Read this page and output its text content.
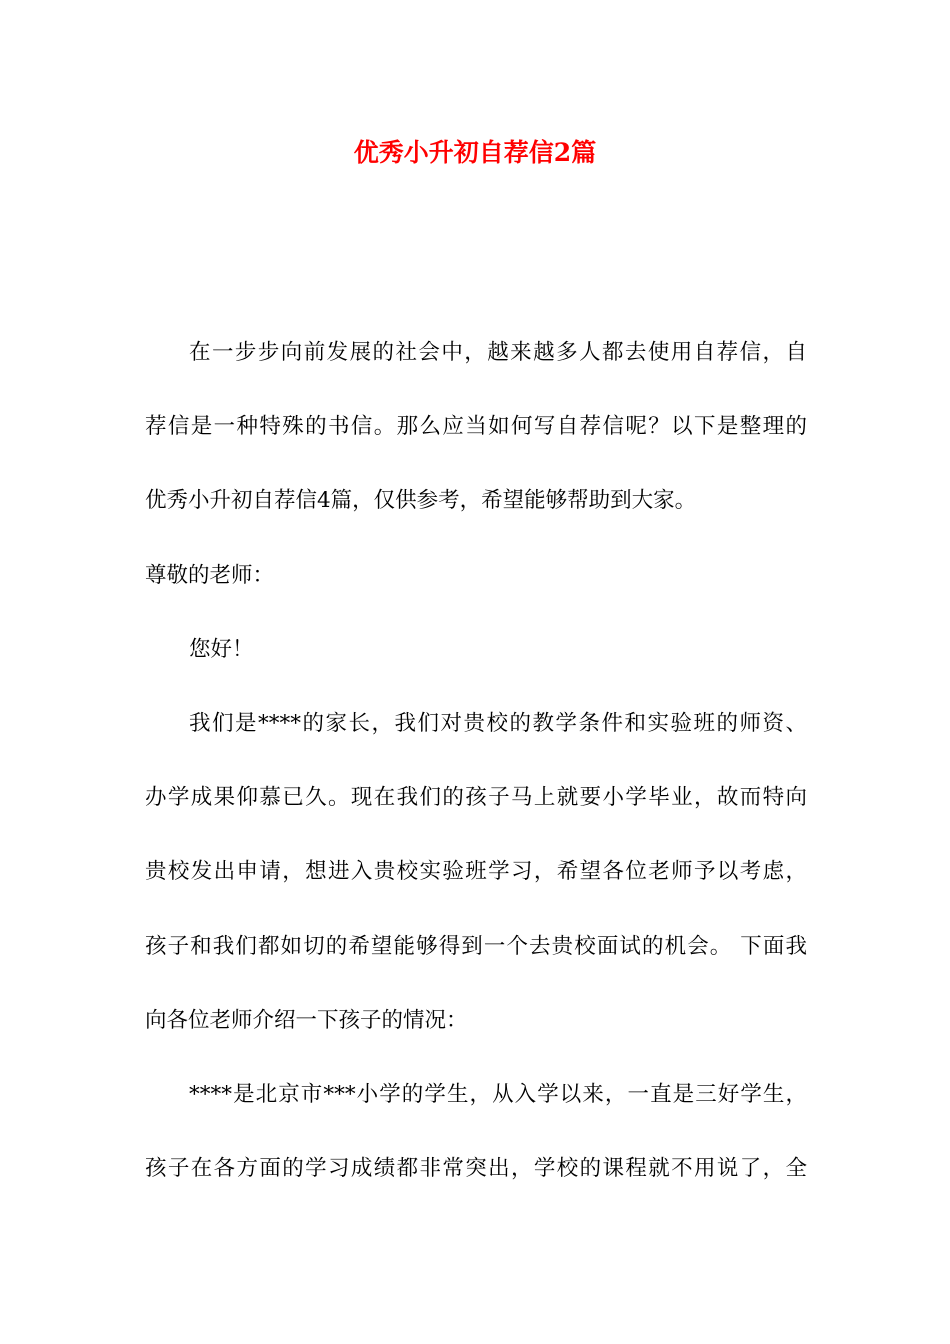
优秀小升初自荐信2篇
在一步步向前发展的社会中，越来越多人都去使用自荐信，自
荐信是一种特殊的书信。那么应当如何写自荐信呢？以下是整理的
优秀小升初自荐信4篇，仅供参考，希望能够帮助到大家。
尊敬的老师：
您好！
我们是****的家长，我们对贵校的教学条件和实验班的师资、
办学成果仰慕已久。现在我们的孩子马上就要小学毕业，故而特向
贵校发出申请，想进入贵校实验班学习，希望各位老师予以考虑，
孩子和我们都如切的希望能够得到一个去贵校面试的机会。 下面我
向各位老师介绍一下孩子的情况：
****是北京市***小学的学生，从入学以来，一直是三好学生，
孩子在各方面的学习成绩都非常突出，学校的课程就不用说了，全
